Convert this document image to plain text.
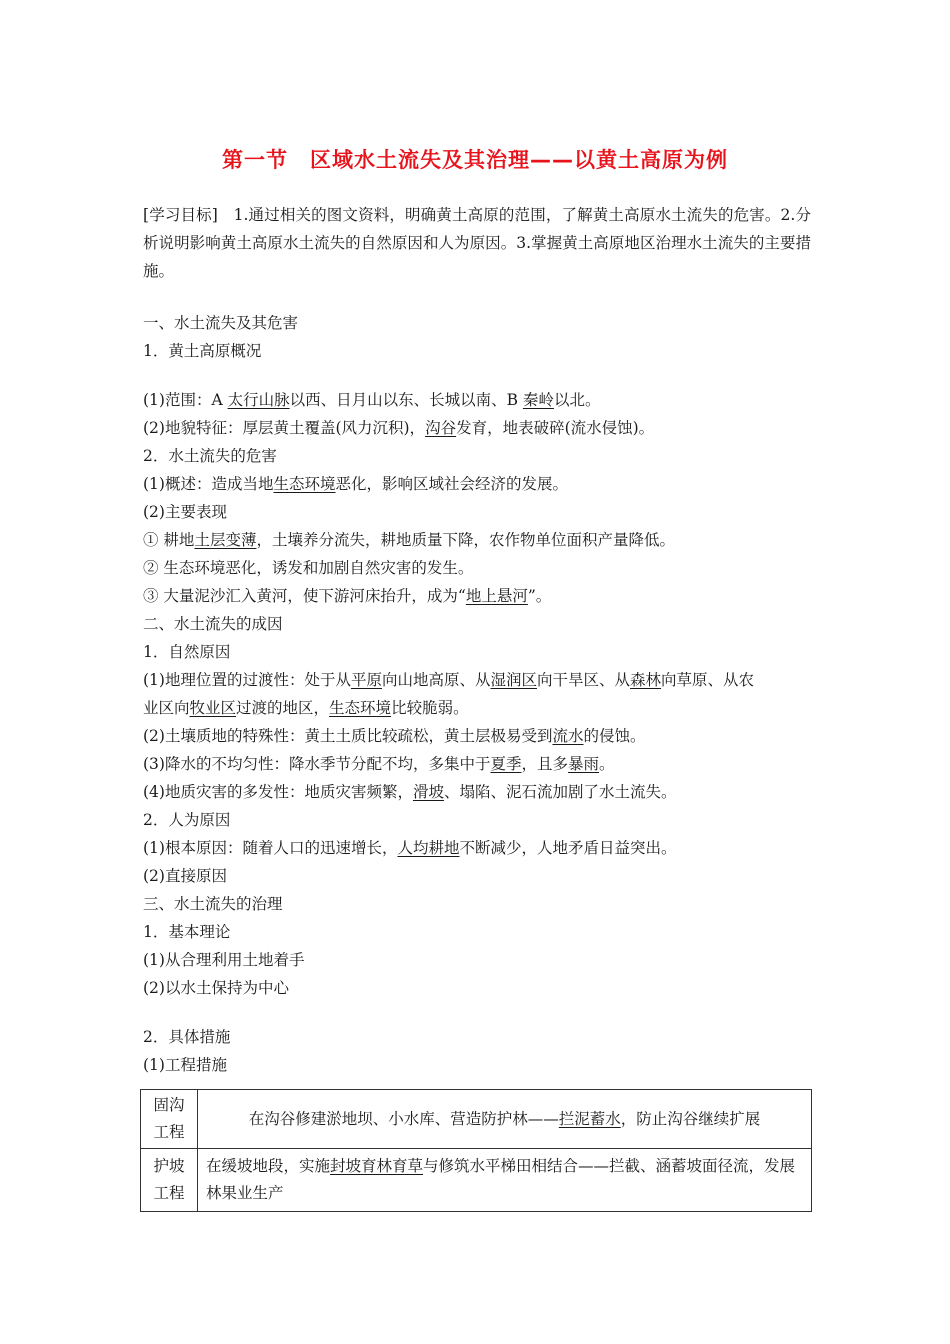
第一节　区域水土流失及其治理——以黄土高原为例
[学习目标]　1.通过相关的图文资料，明确黄土高原的范围，了解黄土高原水土流失的危害。2.分析说明影响黄土高原水土流失的自然原因和人为原因。3.掌握黄土高原地区治理水土流失的主要措施。
一、水土流失及其危害
1．黄土高原概况
(1)范围：A 太行山脉以西、日月山以东、长城以南、B 秦岭以北。
(2)地貌特征：厚层黄土覆盖(风力沉积)，沟谷发育，地表破碎(流水侵蚀)。
2．水土流失的危害
(1)概述：造成当地生态环境恶化，影响区域社会经济的发展。
(2)主要表现
① 耕地土层变薄，土壤养分流失，耕地质量下降，农作物单位面积产量降低。
② 生态环境恶化，诱发和加剧自然灾害的发生。
③ 大量泥沙汇入黄河，使下游河床抬升，成为“地上悬河”。
二、水土流失的成因
1．自然原因
(1)地理位置的过渡性：处于从平原向山地高原、从湿润区向干旱区、从森林向草原、从农
业区向牧业区过渡的地区，生态环境比较脆弱。
(2)土壤质地的特殊性：黄土土质比较疏松，黄土层极易受到流水的侵蚀。
(3)降水的不均匀性：降水季节分配不均，多集中于夏季，且多暴雨。
(4)地质灾害的多发性：地质灾害频繁，滑坡、塌陷、泥石流加剧了水土流失。
2．人为原因
(1)根本原因：随着人口的迅速增长，人均耕地不断减少，人地矛盾日益突出。
(2)直接原因
三、水土流失的治理
1．基本理论
(1)从合理利用土地着手
(2)以水土保持为中心
2．具体措施
(1)工程措施
固沟
工程	在沟谷修建淤地坝、小水库、营造防护林——拦泥蓄水，防止沟谷继续扩展
护坡
工程	在缓坡地段，实施封坡育林育草与修筑水平梯田相结合——拦截、涵蓄坡面径流，发展林果业生产
